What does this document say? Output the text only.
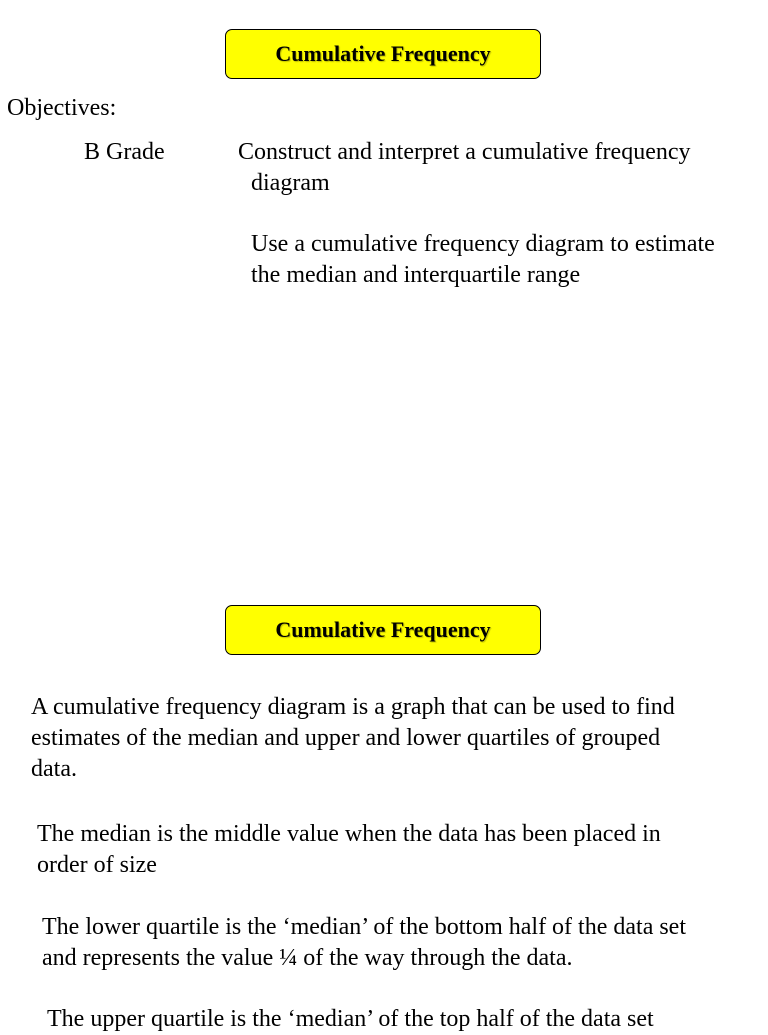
Cumulative Frequency
Objectives:
B Grade	Construct and interpret a cumulative frequency
diagram
Use a cumulative frequency diagram to estimate
the median and interquartile range
Cumulative Frequency
A cumulative frequency diagram is a graph that can be used to find
estimates of the median and upper and lower quartiles of grouped
data.
The median is the middle value when the data has been placed in
order of size
The lower quartile is the ‘median’ of the bottom half of the data set
and represents the value ¼ of the way through the data.
The upper quartile is the ‘median’ of the top half of the data set
